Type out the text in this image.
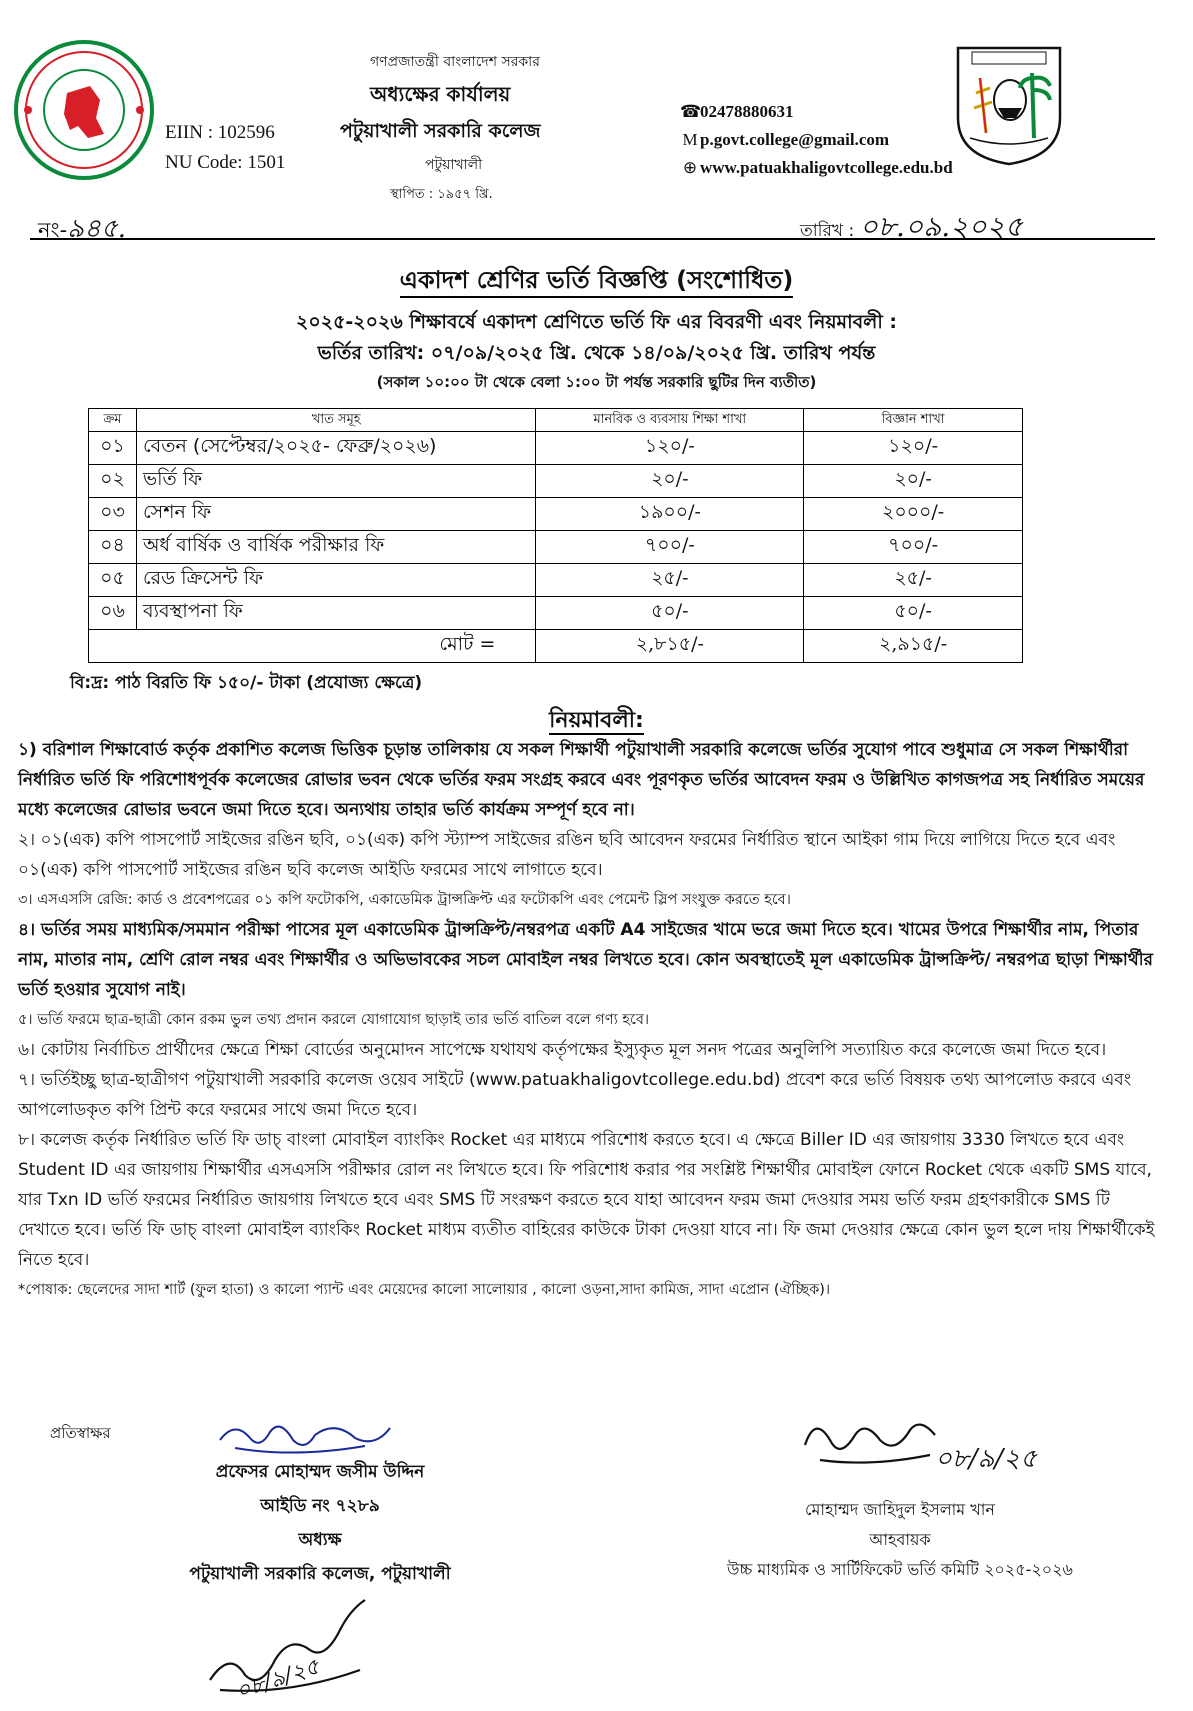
EIIN : 102596
NU Code: 1501
গণপ্রজাতন্ত্রী বাংলাদেশ সরকার
অধ্যক্ষের কার্যালয়
পটুয়াখালী সরকারি কলেজ
পটুয়াখালী
স্থাপিত : ১৯৫৭ খ্রি.
☎02478880631
M p.govt.college@gmail.com
⊕ www.patuakhaligovtcollege.edu.bd
নং-৯৪৫.	তারিখ : ০৮.০৯.২০২৫
একাদশ শ্রেণির ভর্তি বিজ্ঞপ্তি (সংশোধিত)
২০২৫-২০২৬ শিক্ষাবর্ষে একাদশ শ্রেণিতে ভর্তি ফি এর বিবরণী এবং নিয়মাবলী :
ভর্তির তারিখ: ০৭/০৯/২০২৫ খ্রি. থেকে ১৪/০৯/২০২৫ খ্রি. তারিখ পর্যন্ত
(সকাল ১০:০০ টা থেকে বেলা ১:০০ টা পর্যন্ত সরকারি ছুটির দিন ব্যতীত)
ক্রম	খাত সমূহ	মানবিক ও ব্যবসায় শিক্ষা শাখা	বিজ্ঞান শাখা
০১	বেতন (সেপ্টেম্বর/২০২৫- ফেব্রু/২০২৬)	১২০/-	১২০/-
০২	ভর্তি ফি	২০/-	২০/-
০৩	সেশন ফি	১৯০০/-	২০০০/-
০৪	অর্ধ বার্ষিক ও বার্ষিক পরীক্ষার ফি	৭০০/-	৭০০/-
০৫	রেড ক্রিসেন্ট ফি	২৫/-	২৫/-
০৬	ব্যবস্থাপনা ফি	৫০/-	৫০/-
মোট =		২,৮১৫/-	২,৯১৫/-
বি:দ্র: পাঠ বিরতি ফি ১৫০/- টাকা (প্রযোজ্য ক্ষেত্রে)
নিয়মাবলী:

১) বরিশাল শিক্ষাবোর্ড কর্তৃক প্রকাশিত কলেজ ভিত্তিক চূড়ান্ত তালিকায় যে সকল শিক্ষার্থী পটুয়াখালী সরকারি কলেজে ভর্তির সুযোগ পাবে শুধুমাত্র সে সকল শিক্ষার্থীরা নির্ধারিত ভর্তি ফি পরিশোধপূর্বক কলেজের রোভার ভবন থেকে ভর্তির ফরম সংগ্রহ করবে এবং পূরণকৃত ভর্তির আবেদন ফরম ও উল্লিখিত কাগজপত্র সহ নির্ধারিত সময়ের মধ্যে কলেজের রোভার ভবনে জমা দিতে হবে। অন্যথায় তাহার ভর্তি কার্যক্রম সম্পূর্ণ হবে না।

২। ০১(এক) কপি পাসপোর্ট সাইজের রঙিন ছবি, ০১(এক) কপি স্ট্যাম্প সাইজের রঙিন ছবি আবেদন ফরমের নির্ধারিত স্থানে আইকা গাম দিয়ে লাগিয়ে দিতে হবে এবং ০১(এক) কপি পাসপোর্ট সাইজের রঙিন ছবি কলেজ আইডি ফরমের সাথে লাগাতে হবে।

৩। এসএসসি রেজি: কার্ড ও প্রবেশপত্রের ০১ কপি ফটোকপি, একাডেমিক ট্রান্সক্রিপ্ট এর ফটোকপি এবং পেমেন্ট স্লিপ সংযুক্ত করতে হবে।

৪। ভর্তির সময় মাধ্যমিক/সমমান পরীক্ষা পাসের মূল একাডেমিক ট্রান্সক্রিপ্ট/নম্বরপত্র একটি A4 সাইজের খামে ভরে জমা দিতে হবে। খামের উপরে শিক্ষার্থীর নাম, পিতার নাম, মাতার নাম, শ্রেণি রোল নম্বর এবং শিক্ষার্থীর ও অভিভাবকের সচল মোবাইল নম্বর লিখতে হবে। কোন অবস্থাতেই মূল একাডেমিক ট্রান্সক্রিপ্ট/ নম্বরপত্র ছাড়া শিক্ষার্থীর ভর্তি হওয়ার সুযোগ নাই।

৫। ভর্তি ফরমে ছাত্র-ছাত্রী কোন রকম ভুল তথ্য প্রদান করলে যোগাযোগ ছাড়াই তার ভর্তি বাতিল বলে গণ্য হবে।

৬। কোটায় নির্বাচিত প্রার্থীদের ক্ষেত্রে শিক্ষা বোর্ডের অনুমোদন সাপেক্ষে যথাযথ কর্তৃপক্ষের ইস্যুকৃত মূল সনদ পত্রের অনুলিপি সত্যায়িত করে কলেজে জমা দিতে হবে।

৭। ভর্তিইচ্ছু ছাত্র-ছাত্রীগণ পটুয়াখালী সরকারি কলেজ ওয়েব সাইটে (www.patuakhaligovtcollege.edu.bd) প্রবেশ করে ভর্তি বিষয়ক তথ্য আপলোড করবে এবং আপলোডকৃত কপি প্রিন্ট করে ফরমের সাথে জমা দিতে হবে।

৮। কলেজ কর্তৃক নির্ধারিত ভর্তি ফি ডাচ্ বাংলা মোবাইল ব্যাংকিং Rocket এর মাধ্যমে পরিশোধ করতে হবে। এ ক্ষেত্রে Biller ID এর জায়গায় 3330 লিখতে হবে এবং Student ID এর জায়গায় শিক্ষার্থীর এসএসসি পরীক্ষার রোল নং লিখতে হবে। ফি পরিশোধ করার পর সংশ্লিষ্ট শিক্ষার্থীর মোবাইল ফোনে Rocket থেকে একটি SMS যাবে, যার Txn ID ভর্তি ফরমের নির্ধারিত জায়গায় লিখতে হবে এবং SMS টি সংরক্ষণ করতে হবে যাহা আবেদন ফরম জমা দেওয়ার সময় ভর্তি ফরম গ্রহণকারীকে SMS টি দেখাতে হবে। ভর্তি ফি ডাচ্ বাংলা মোবাইল ব্যাংকিং Rocket মাধ্যম ব্যতীত বাহিরের কাউকে টাকা দেওয়া যাবে না। ফি জমা দেওয়ার ক্ষেত্রে কোন ভুল হলে দায় শিক্ষার্থীকেই নিতে হবে।

*পোষাক: ছেলেদের সাদা শার্ট (ফুল হাতা) ও কালো প্যান্ট এবং মেয়েদের কালো সালোয়ার , কালো ওড়না,সাদা কামিজ, সাদা এপ্রোন (ঐচ্ছিক)।

প্রতিস্বাক্ষর
প্রফেসর মোহাম্মদ জসীম উদ্দিন
আইডি নং ৭২৮৯
অধ্যক্ষ
পটুয়াখালী সরকারি কলেজ, পটুয়াখালী
০৮/৯/২৫
মোহাম্মদ জাহিদুল ইসলাম খান
আহবায়ক
উচ্চ মাধ্যমিক ও সার্টিফিকেট ভর্তি কমিটি ২০২৫-২০২৬
০৮/৯/২৫
